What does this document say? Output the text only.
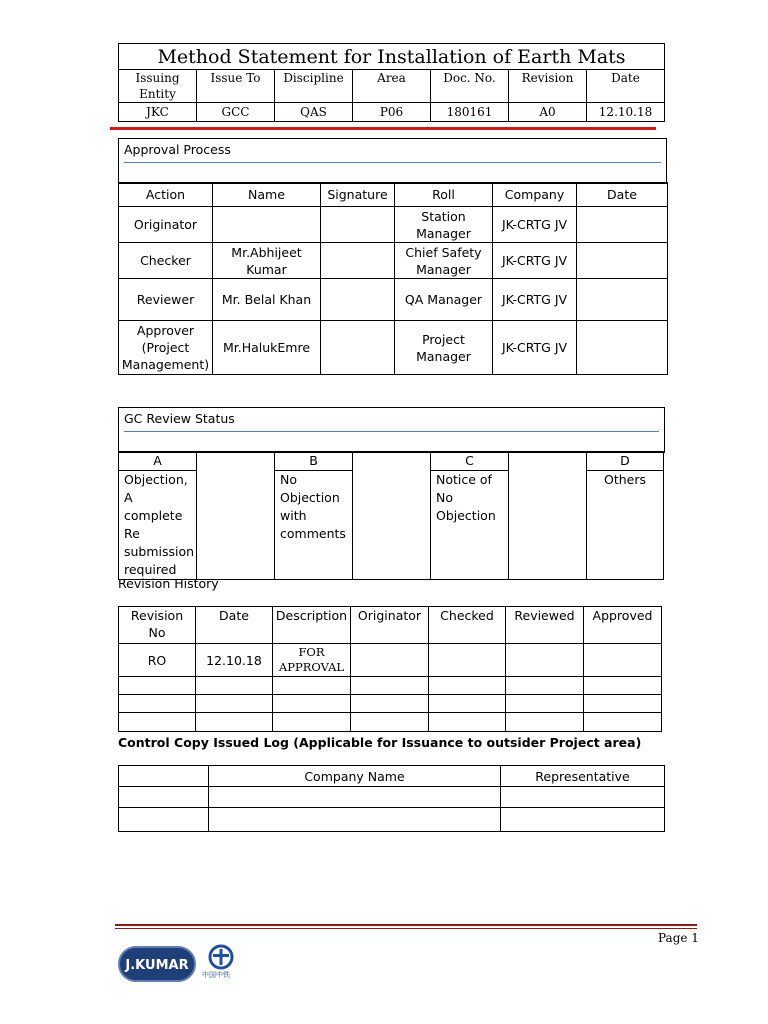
Method Statement for Installation of Earth Mats						
Issuing Entity	Issue To	Discipline	Area	Doc. No.	Revision	Date
JKC	GCC	QAS	P06	180161	A0	12.10.18
Approval Process
Action	Name	Signature	Roll	Company	Date
Originator			Station Manager	JK-CRTG JV	
Checker	Mr.Abhijeet Kumar		Chief Safety Manager	JK-CRTG JV	
Reviewer	Mr. Belal Khan		QA Manager	JK-CRTG JV	
Approver (Project Management)	Mr.HalukEmre		Project Manager	JK-CRTG JV	
GC Review Status
A		B		C		D
Objection, A complete Re submission required		No Objection with comments		Notice of No Objection		Others
Revision History
Revision No	Date	Description	Originator	Checked	Reviewed	Approved
RO	12.10.18	FOR APPROVAL				

Control Copy Issued Log (Applicable for Issuance to outsider Project area)
	Company Name	Representative

Page 1
J.KUMAR
中国中铁
